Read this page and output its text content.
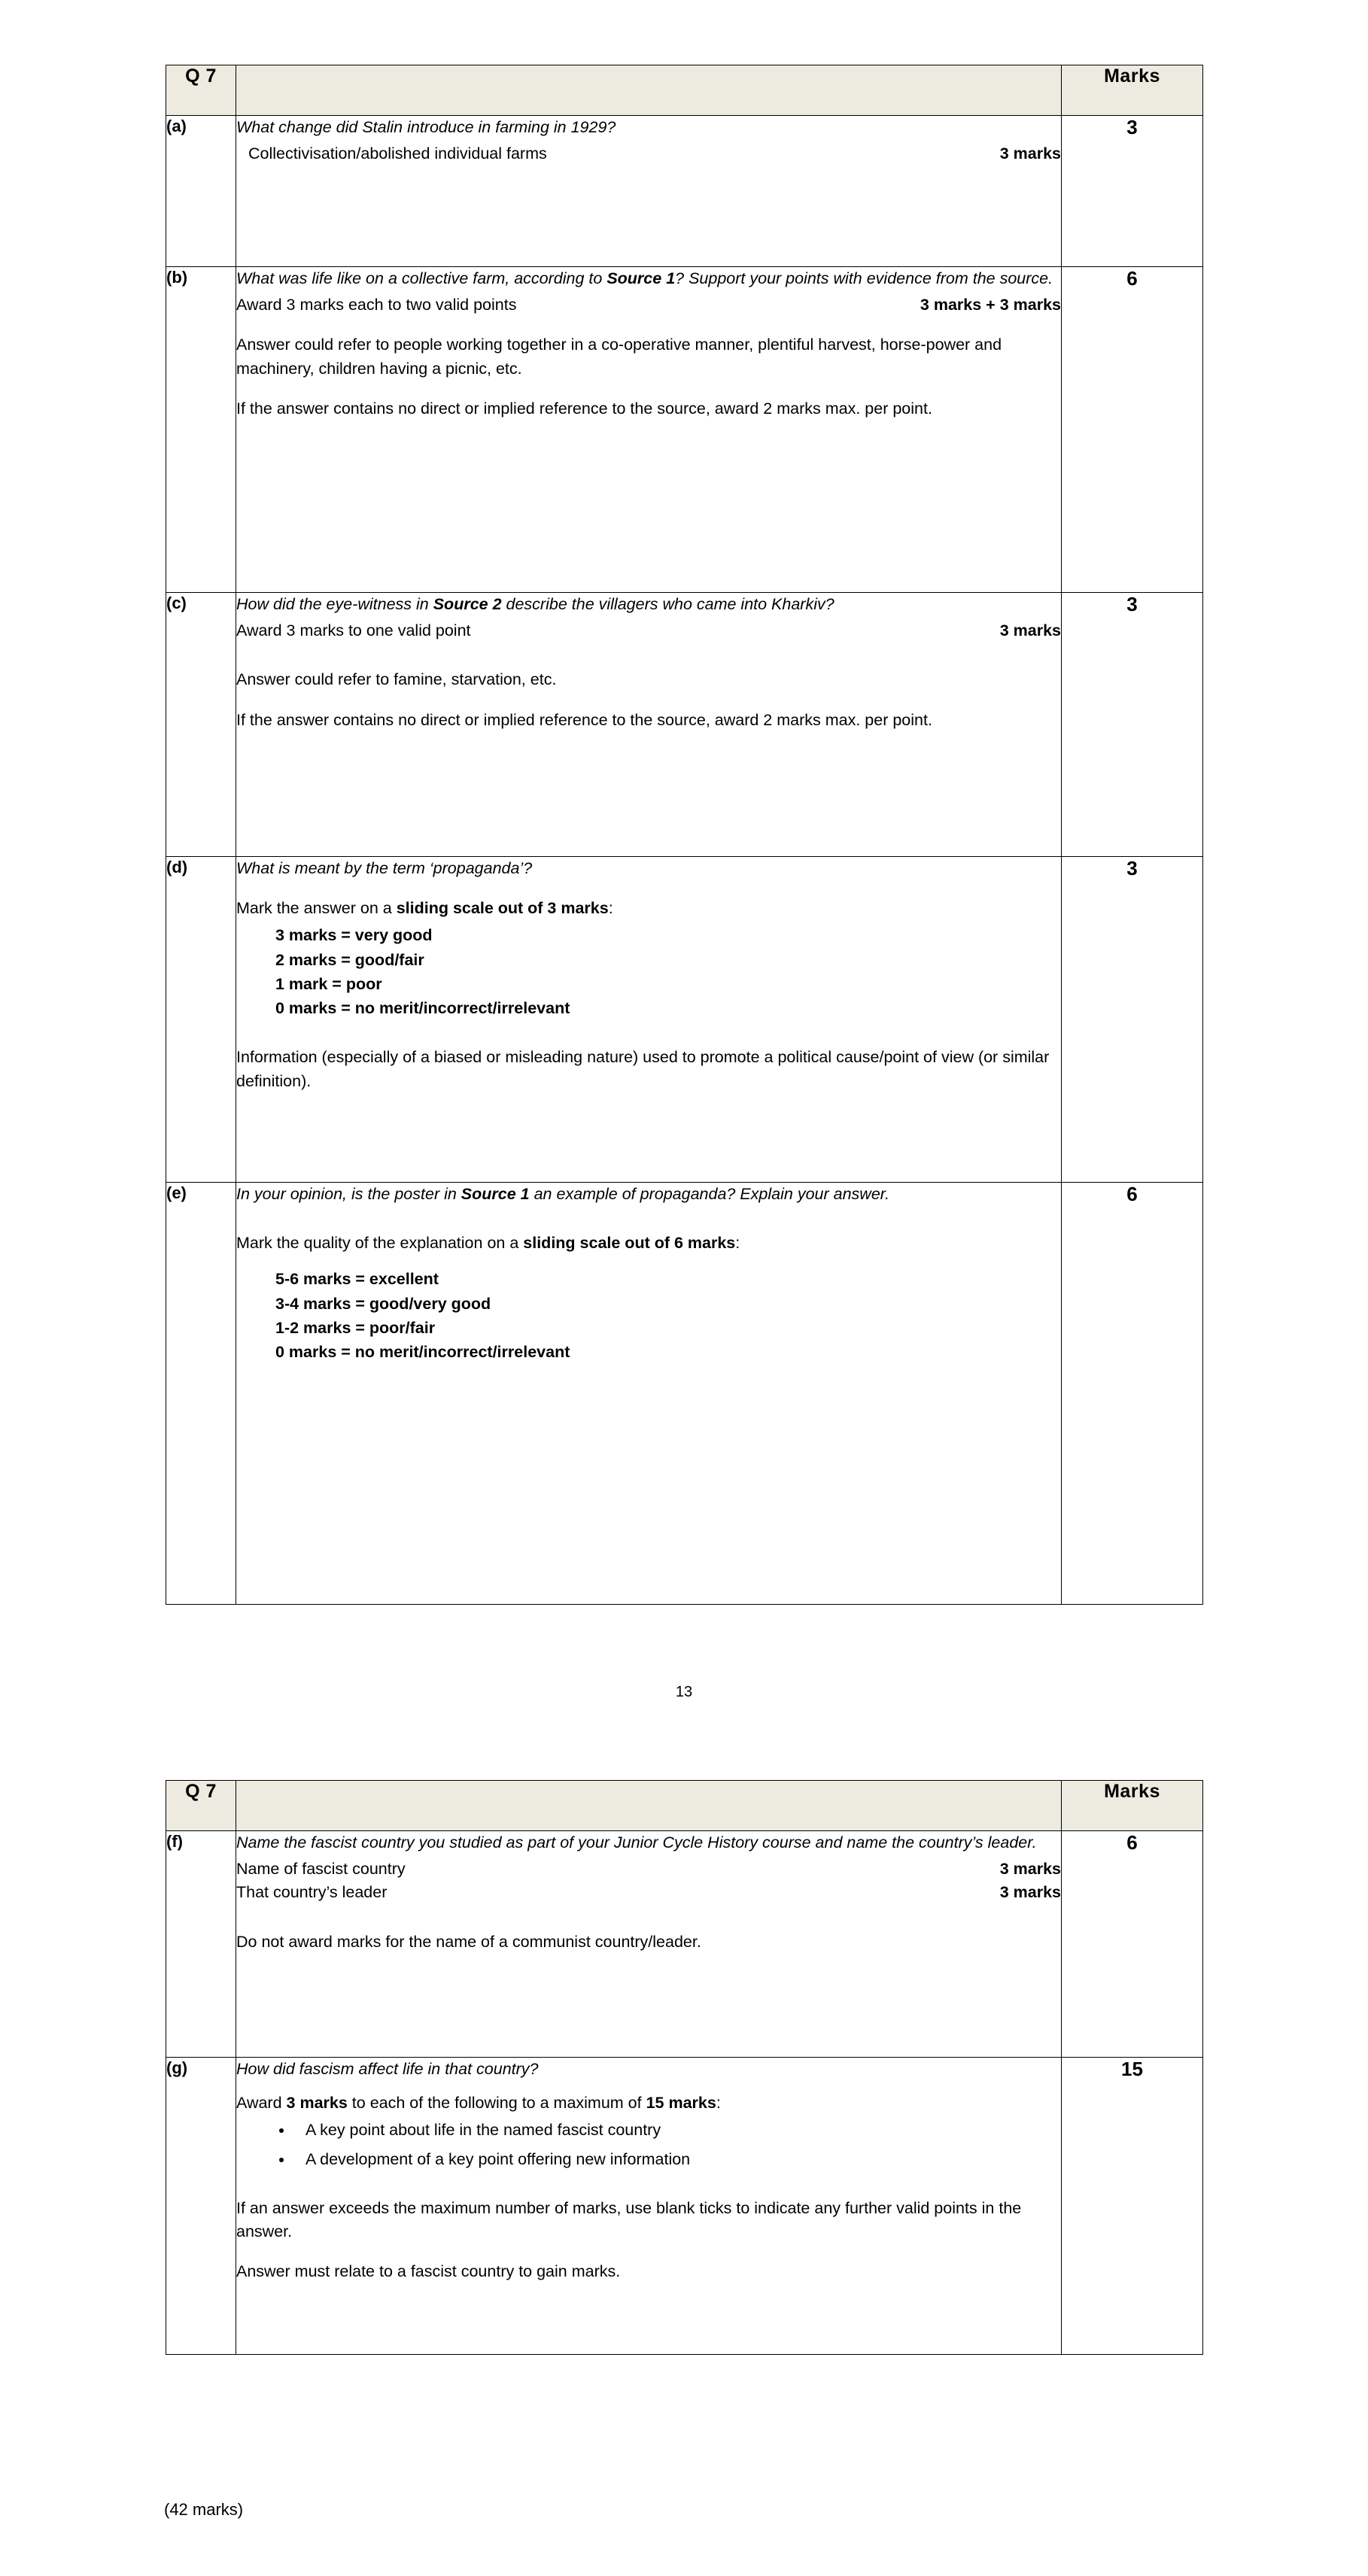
Q 7		Marks
(a)	What change did Stalin introduce in farming in 1929?

Collectivisation/abolished individual farms 3 marks	3
(b)	What was life like on a collective farm, according to Source 1? Support your points with evidence from the source.

Award 3 marks each to two valid points 3 marks + 3 marks

Answer could refer to people working together in a co-operative manner, plentiful harvest, horse-power and machinery, children having a picnic, etc.

If the answer contains no direct or implied reference to the source, award 2 marks max. per point.	6
(c)	How did the eye-witness in Source 2 describe the villagers who came into Kharkiv?

Award 3 marks to one valid point 3 marks

Answer could refer to famine, starvation, etc.

If the answer contains no direct or implied reference to the source, award 2 marks max. per point.	3
(d)	What is meant by the term ‘propaganda’?

Mark the answer on a sliding scale out of 3 marks:

3 marks = very good
2 marks = good/fair
1 mark = poor
0 marks = no merit/incorrect/irrelevant

Information (especially of a biased or misleading nature) used to promote a political cause/point of view (or similar definition).

	3
(e)	In your opinion, is the poster in Source 1 an example of propaganda? Explain your answer.

Mark the quality of the explanation on a sliding scale out of 6 marks:

5-6 marks = excellent
3-4 marks = good/very good
1-2 marks = poor/fair
0 marks = no merit/incorrect/irrelevant
	6
13
Q 7		Marks
(f)	Name the fascist country you studied as part of your Junior Cycle History course and name the country’s leader.

Name of fascist country	3 marks
That country’s leader	3 marks

Do not award marks for the name of a communist country/leader.

	6
(g)	How did fascism affect life in that country?

Award 3 marks to each of the following to a maximum of 15 marks:

• A key point about life in the named fascist country
• A development of a key point offering new information

If an answer exceeds the maximum number of marks, use blank ticks to indicate any further valid points in the answer.

Answer must relate to a fascist country to gain marks.

	15
(42 marks)
